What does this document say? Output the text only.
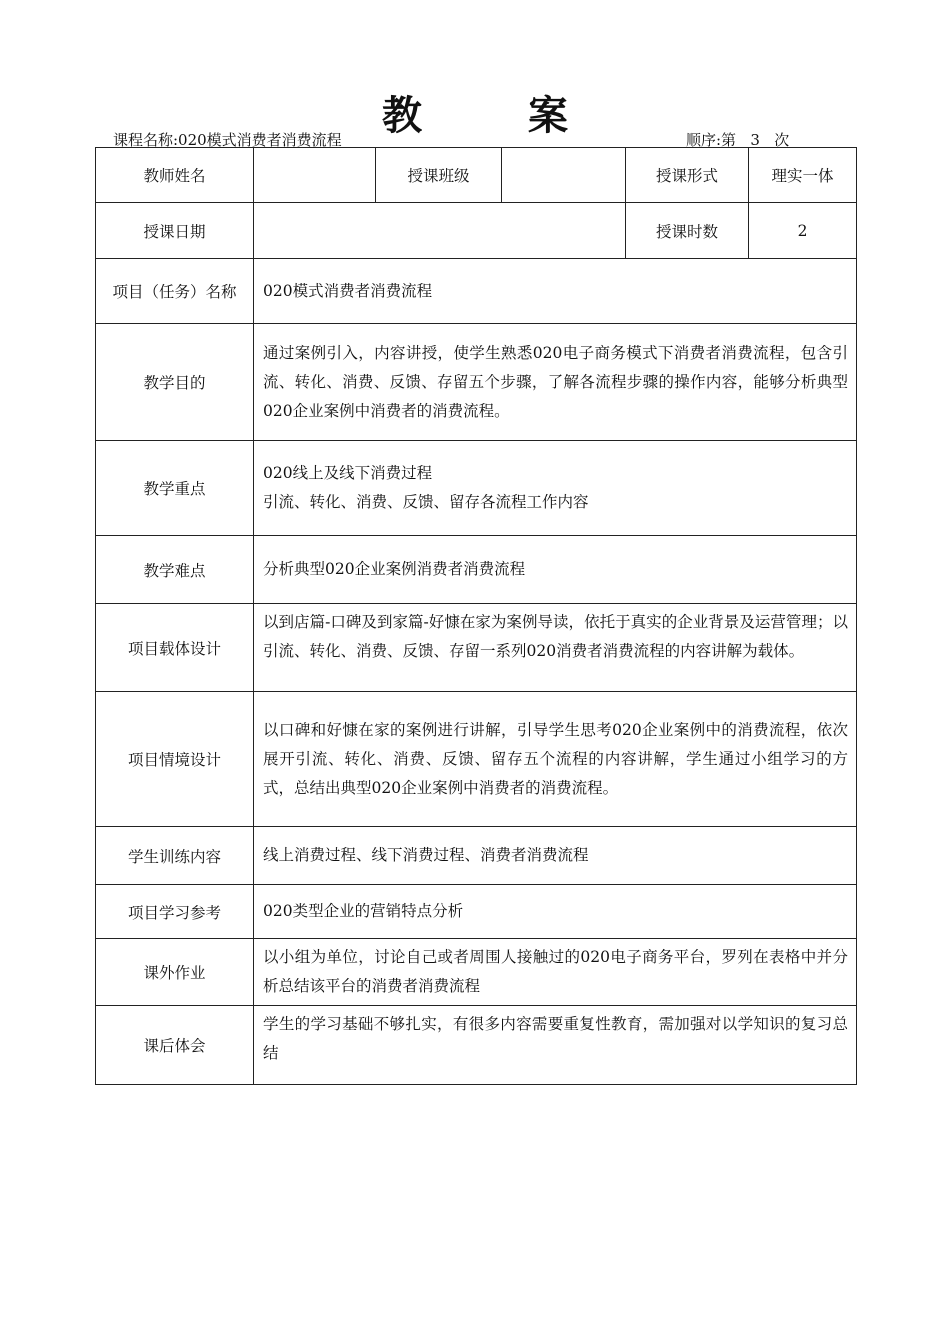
教 案
课程名称:020模式消费者消费流程	顺序:第   3   次
教师姓名		授课班级		授课形式	理实一体
授课日期				授课时数	2
项目（任务）名称	020模式消费者消费流程				
教学目的	通过案例引入，内容讲授，使学生熟悉020电子商务模式下消费者消费流程，包含引流、转化、消费、反馈、存留五个步骤，了解各流程步骤的操作内容，能够分析典型020企业案例中消费者的消费流程。				
教学重点	020线上及线下消费过程
引流、转化、消费、反馈、留存各流程工作内容				

教学难点	分析典型020企业案例消费者消费流程				
项目载体设计	以到店篇-口碑及到家篇-好慷在家为案例导读，依托于真实的企业背景及运营管理；以引流、转化、消费、反馈、存留一系列020消费者消费流程的内容讲解为载体。				
项目情境设计	以口碑和好慷在家的案例进行讲解，引导学生思考020企业案例中的消费流程，依次展开引流、转化、消费、反馈、留存五个流程的内容讲解，学生通过小组学习的方式，总结出典型020企业案例中消费者的消费流程。				
学生训练内容	线上消费过程、线下消费过程、消费者消费流程				
项目学习参考	020类型企业的营销特点分析				
课外作业	以小组为单位，讨论自己或者周围人接触过的020电子商务平台，罗列在表格中并分析总结该平台的消费者消费流程				
课后体会	学生的学习基础不够扎实，有很多内容需要重复性教育，需加强对以学知识的复习总结				
